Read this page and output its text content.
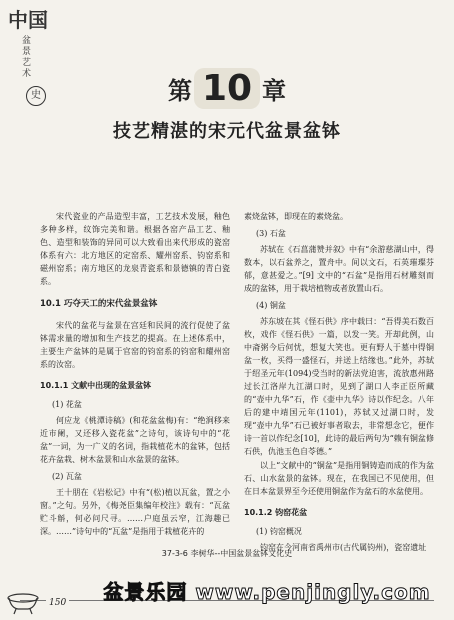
中国
盆景艺术
史	第 10 章
技艺精湛的宋元代盆景盆钵

宋代瓷业的产品造型丰富，工艺技术发展，釉色多种多样，纹饰完美和谐。根据各窑产品工艺、釉色、造型和装饰的异同可以大致看出来代形成的瓷窑体系有六：北方地区的定窑系、耀州窑系、钧窑系和磁州窑系；南方地区的龙泉青瓷系和景德镇的青白瓷系。

10.1 巧夺天工的宋代盆景盆钵

宋代的盆花与盆景在宫廷和民间的流行促使了盆钵需求量的增加和生产技艺的提高。在上述体系中，主要生产盆钵的是属于官窑的钧窑系的钧窑和耀州窑系的汝窑。

10.1.1 文献中出现的盆景盆钵

(1) 花盆

何应龙《桃潭诗稿》(和花盆盆梅)有：“绝涧移来近市阑，又还移入瓷花盆”之诗句，该诗句中的“花盆”一词，为一广义的名词，指栽植花木的盆钵，包括花卉盆栽、树木盆景和山水盆景的盆钵。

(2) 瓦盆

王十朋在《岩松记》中有“(松)植以瓦盆，置之小窗。”之句。另外，《梅尧臣集编年校注》载有：“瓦盆贮斗斛，何必问尺寻。……户庭虽云窄，江海趣已深。……”诗句中的“瓦盆”是指用于栽植花卉的

素烧盆钵，即现在的素烧盆。

(3) 石盆

苏轼在《石菖蒲赞并叙》中有“余游慈湖山中，得数本，以石盆养之，置舟中。间以文石，石英璀璨芬郁，意甚爱之。”[9] 文中的“石盆”是指用石材雕刻而成的盆钵，用于栽培植物或者放置山石。

(4) 铜盆

苏东坡在其《怪石供》序中载曰：“吾得美石数百枚，戏作《怪石供》一篇，以发一笑。开却此例，山中斋粥今后何忧，想复大笑也。更有野人于墓中得铜盆一枚，买得一盛怪石，并送上结缘也。”此外，苏轼于绍圣元年(1094)受当时的新法党迫害，流放惠州路过长江洛岸九江湖口时，见到了湖口人李正臣所藏的“壶中九华”石，作《壶中九华》诗以作纪念。八年后的建中靖国元年(1101)，苏轼又过湖口时，发现“壶中九华”石已被好事者取去，非常想念它，便作诗一首以作纪念[10]，此诗的最后两句为“赖有铜盆修石供，仇池玉色自苓德。”

以上“文献中的“铜盆”是指用铜铸造而成的作为盆石、山水盆景的盆钵。现在，在我国已不见使用，但在日本盆景界至今还使用铜盆作为盆石的水盆使用。

10.1.2 钧窑花盆

(1) 钧窑概况

钧窑在今河南省禹州市(古代属钧州)，瓷窑遗址

37-3-6 李树华--中国盆景盆钵文化史
150	盆景乐园 www.penjingly.com
